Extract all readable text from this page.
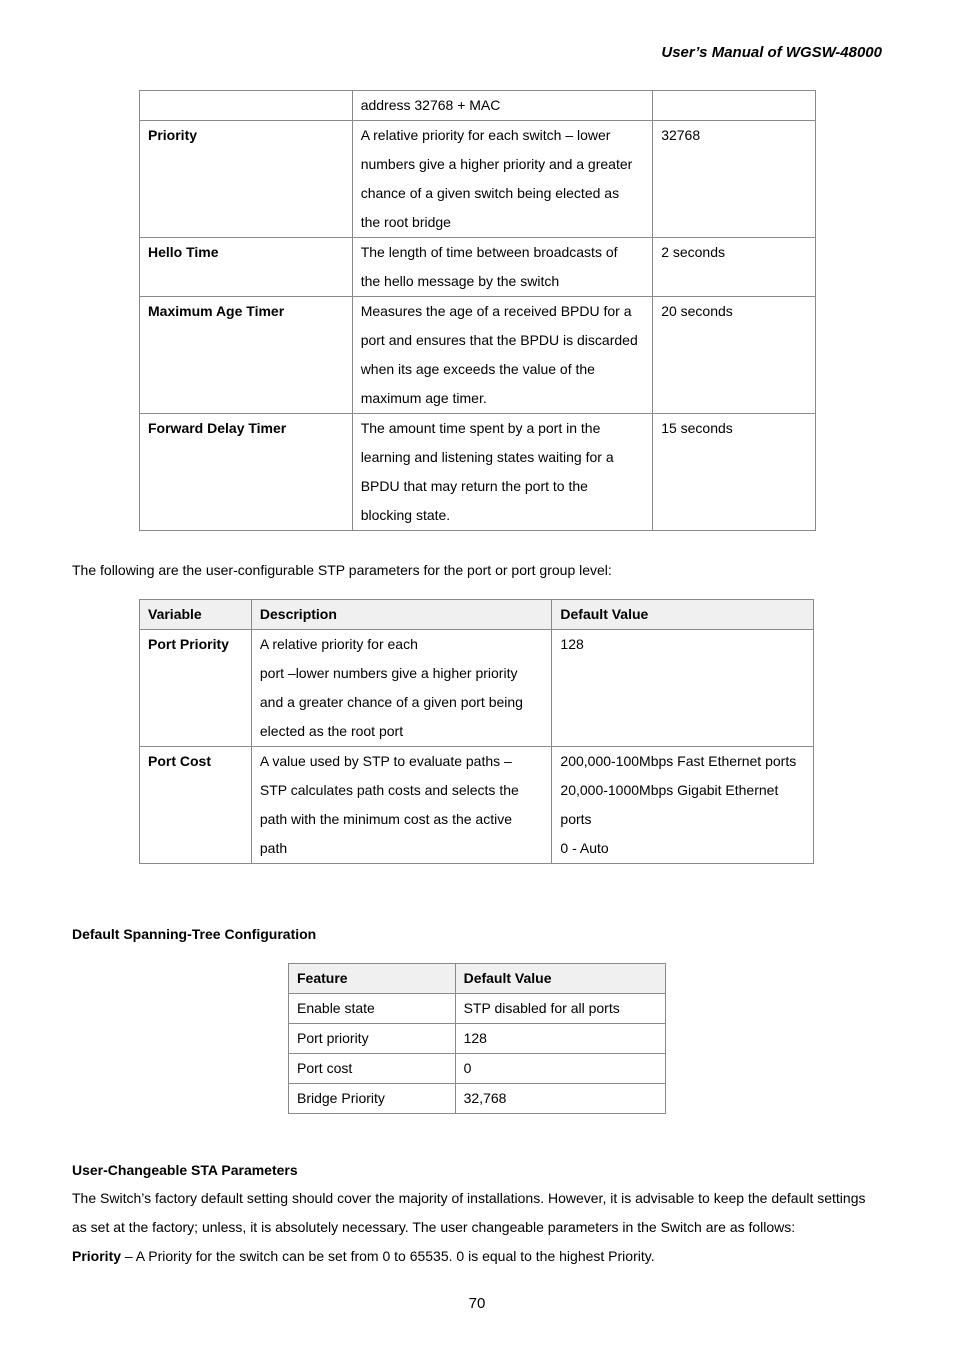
User’s Manual of WGSW-48000

	address 32768 + MAC	

Priority	A relative priority for each switch – lower
numbers give a higher priority and a greater
chance of a given switch being elected as
the root bridge	32768

Hello Time	The length of time between broadcasts of
the hello message by the switch	2 seconds

Maximum Age Timer	Measures the age of a received BPDU for a
port and ensures that the BPDU is discarded
when its age exceeds the value of the
maximum age timer.	20 seconds

Forward Delay Timer	The amount time spent by a port in the
learning and listening states waiting for a
BPDU that may return the port to the
blocking state.	15 seconds
The following are the user-configurable STP parameters for the port or port group level:
Variable	Description	Default Value
Port Priority	A relative priority for each
port –lower numbers give a higher priority
and a greater chance of a given port being
elected as the root port	128

Port Cost	A value used by STP to evaluate paths –
STP calculates path costs and selects the
path with the minimum cost as the active
path	200,000-100Mbps Fast Ethernet ports
20,000-1000Mbps Gigabit Ethernet
ports
0 - Auto
Default Spanning-Tree Configuration
Feature	Default Value
Enable state	STP disabled for all ports
Port priority	128
Port cost	0
Bridge Priority	32,768
User-Changeable STA Parameters
The Switch’s factory default setting should cover the majority of installations. However, it is advisable to keep the default settings
as set at the factory; unless, it is absolutely necessary. The user changeable parameters in the Switch are as follows:
Priority – A Priority for the switch can be set from 0 to 65535. 0 is equal to the highest Priority.
70
